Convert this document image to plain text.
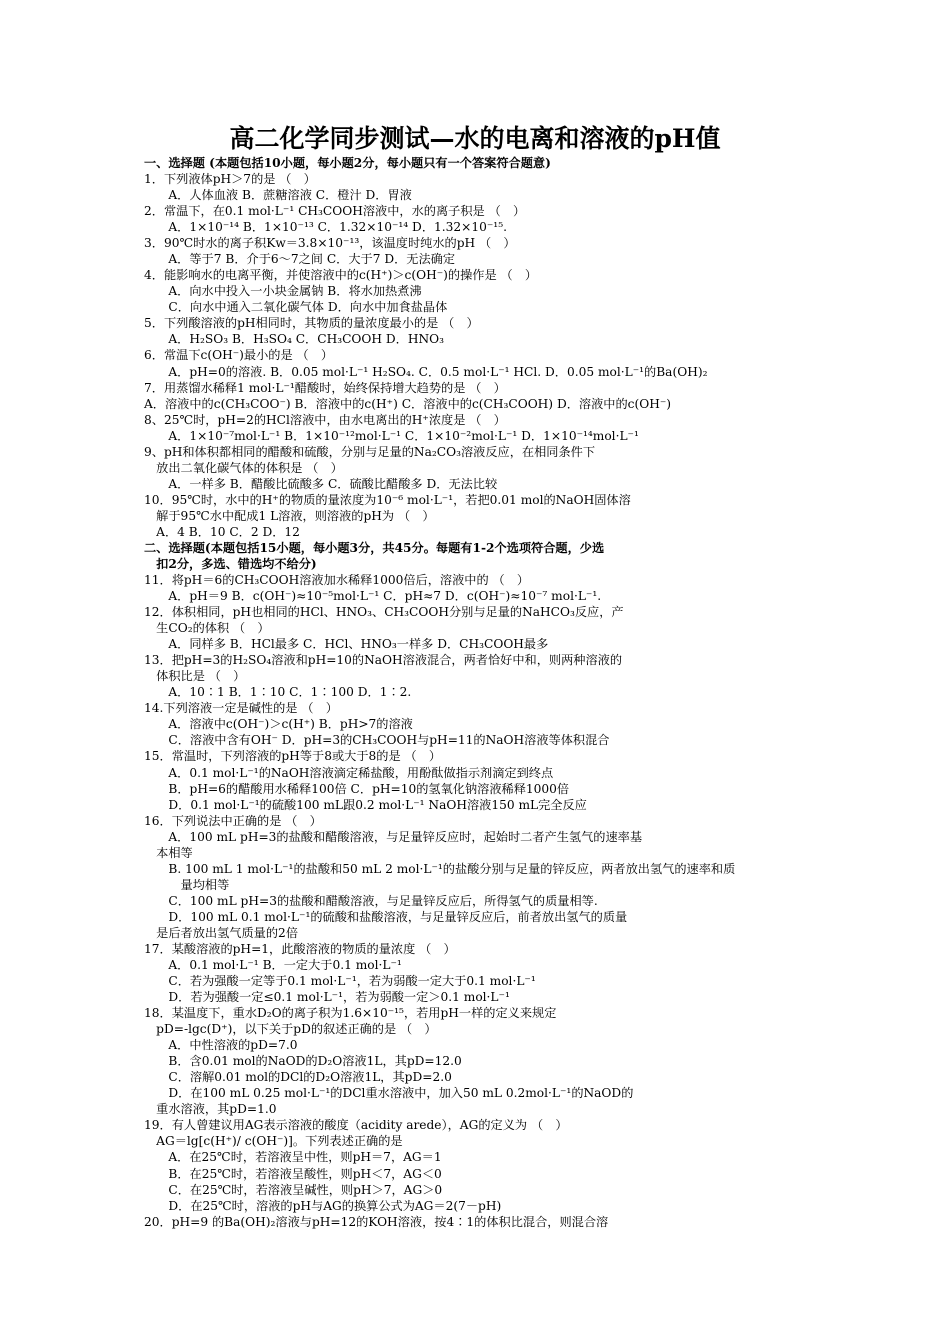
高二化学同步测试—水的电离和溶液的pH值
一、选择题 (本题包括10小题，每小题2分，每小题只有一个答案符合题意)
1．下列液体pH＞7的是 （　）
　　A．人体血液 B．蔗糖溶液 C．橙汁 D．胃液
2．常温下，在0.1 mol·L⁻¹ CH₃COOH溶液中，水的离子积是 （　）
　　A．1×10⁻¹⁴ B．1×10⁻¹³ C．1.32×10⁻¹⁴ D．1.32×10⁻¹⁵.
3．90℃时水的离子积Kw＝3.8×10⁻¹³，该温度时纯水的pH （　）
　　A．等于7 B．介于6～7之间 C．大于7 D．无法确定
4．能影响水的电离平衡，并使溶液中的c(H⁺)＞c(OH⁻)的操作是 （　）
　　A．向水中投入一小块金属钠 B．将水加热煮沸
　　C．向水中通入二氧化碳气体 D．向水中加食盐晶体
5．下列酸溶液的pH相同时，其物质的量浓度最小的是 （　）
　　A．H₂SO₃ B．H₃SO₄ C．CH₃COOH D．HNO₃
6．常温下c(OH⁻)最小的是 （　）
　　A．pH=0的溶液. B．0.05 mol·L⁻¹ H₂SO₄. C．0.5 mol·L⁻¹ HCl. D．0.05 mol·L⁻¹的Ba(OH)₂
7．用蒸馏水稀释1 mol·L⁻¹醋酸时，始终保持增大趋势的是 （　）
A．溶液中的c(CH₃COO⁻) B．溶液中的c(H⁺) C．溶液中的c(CH₃COOH) D．溶液中的c(OH⁻)
8、25℃时，pH=2的HCl溶液中，由水电离出的H⁺浓度是 （　）
　　A．1×10⁻⁷mol·L⁻¹ B．1×10⁻¹²mol·L⁻¹ C．1×10⁻²mol·L⁻¹ D．1×10⁻¹⁴mol·L⁻¹
9、pH和体积都相同的醋酸和硫酸，分别与足量的Na₂CO₃溶液反应，在相同条件下
　放出二氧化碳气体的体积是 （　）
　　A．一样多 B．醋酸比硫酸多 C．硫酸比醋酸多 D．无法比较
10．95℃时，水中的H⁺的物质的量浓度为10⁻⁶ mol·L⁻¹，若把0.01 mol的NaOH固体溶
　解于95℃水中配成1 L溶液，则溶液的pH为 （　）
　A．4 B．10 C．2 D．12
二、选择题(本题包括15小题，每小题3分，共45分。每题有1-2个选项符合题，少选
　扣2分，多选、错选均不给分)
11．将pH＝6的CH₃COOH溶液加水稀释1000倍后，溶液中的 （　）
　　A．pH＝9 B．c(OH⁻)≈10⁻⁵mol·L⁻¹ C．pH≈7 D．c(OH⁻)≈10⁻⁷ mol·L⁻¹.
12．体积相同，pH也相同的HCl、HNO₃、CH₃COOH分别与足量的NaHCO₃反应，产
　生CO₂的体积 （　）
　　A．同样多 B．HCl最多 C．HCl、HNO₃一样多 D．CH₃COOH最多
13．把pH=3的H₂SO₄溶液和pH=10的NaOH溶液混合，两者恰好中和，则两种溶液的
　体积比是 （　）
　　A．10∶1 B．1∶10 C．1∶100 D．1∶2.
14.下列溶液一定是碱性的是 （　）
　　A．溶液中c(OH⁻)＞c(H⁺) B．pH>7的溶液
　　C．溶液中含有OH⁻ D．pH=3的CH₃COOH与pH=11的NaOH溶液等体积混合
15．常温时，下列溶液的pH等于8或大于8的是 （　）
　　A．0.1 mol·L⁻¹的NaOH溶液滴定稀盐酸，用酚酞做指示剂滴定到终点
　　B．pH=6的醋酸用水稀释100倍 C．pH=10的氢氧化钠溶液稀释1000倍
　　D．0.1 mol·L⁻¹的硫酸100 mL跟0.2 mol·L⁻¹ NaOH溶液150 mL完全反应
16．下列说法中正确的是 （　）
　　A．100 mL pH=3的盐酸和醋酸溶液，与足量锌反应时，起始时二者产生氢气的速率基
　本相等
　　B. 100 mL 1 mol·L⁻¹的盐酸和50 mL 2 mol·L⁻¹的盐酸分别与足量的锌反应，两者放出氢气的速率和质
　　　量均相等
　　C．100 mL pH=3的盐酸和醋酸溶液，与足量锌反应后，所得氢气的质量相等.
　　D．100 mL 0.1 mol·L⁻¹的硫酸和盐酸溶液，与足量锌反应后，前者放出氢气的质量
　是后者放出氢气质量的2倍
17．某酸溶液的pH=1，此酸溶液的物质的量浓度 （　）
　　A．0.1 mol·L⁻¹ B．一定大于0.1 mol·L⁻¹
　　C．若为强酸一定等于0.1 mol·L⁻¹，若为弱酸一定大于0.1 mol·L⁻¹
　　D．若为强酸一定≤0.1 mol·L⁻¹，若为弱酸一定＞0.1 mol·L⁻¹
18．某温度下，重水D₂O的离子积为1.6×10⁻¹⁵，若用pH一样的定义来规定
　pD=-lgc(D⁺)，以下关于pD的叙述正确的是 （　）
　　A．中性溶液的pD=7.0
　　B．含0.01 mol的NaOD的D₂O溶液1L，其pD=12.0
　　C．溶解0.01 mol的DCl的D₂O溶液1L，其pD=2.0
　　D．在100 mL 0.25 mol·L⁻¹的DCl重水溶液中，加入50 mL 0.2mol·L⁻¹的NaOD的
　重水溶液，其pD=1.0
19．有人曾建议用AG表示溶液的酸度（acidity arede），AG的定义为 （　）
　AG＝lg[c(H⁺)/ c(OH⁻)]。下列表述正确的是
　　A．在25℃时，若溶液呈中性，则pH＝7，AG＝1
　　B．在25℃时，若溶液呈酸性，则pH＜7，AG＜0
　　C．在25℃时，若溶液呈碱性，则pH＞7，AG＞0
　　D．在25℃时，溶液的pH与AG的换算公式为AG＝2(7－pH)
20．pH=9 的Ba(OH)₂溶液与pH=12的KOH溶液，按4∶1的体积比混合，则混合溶
